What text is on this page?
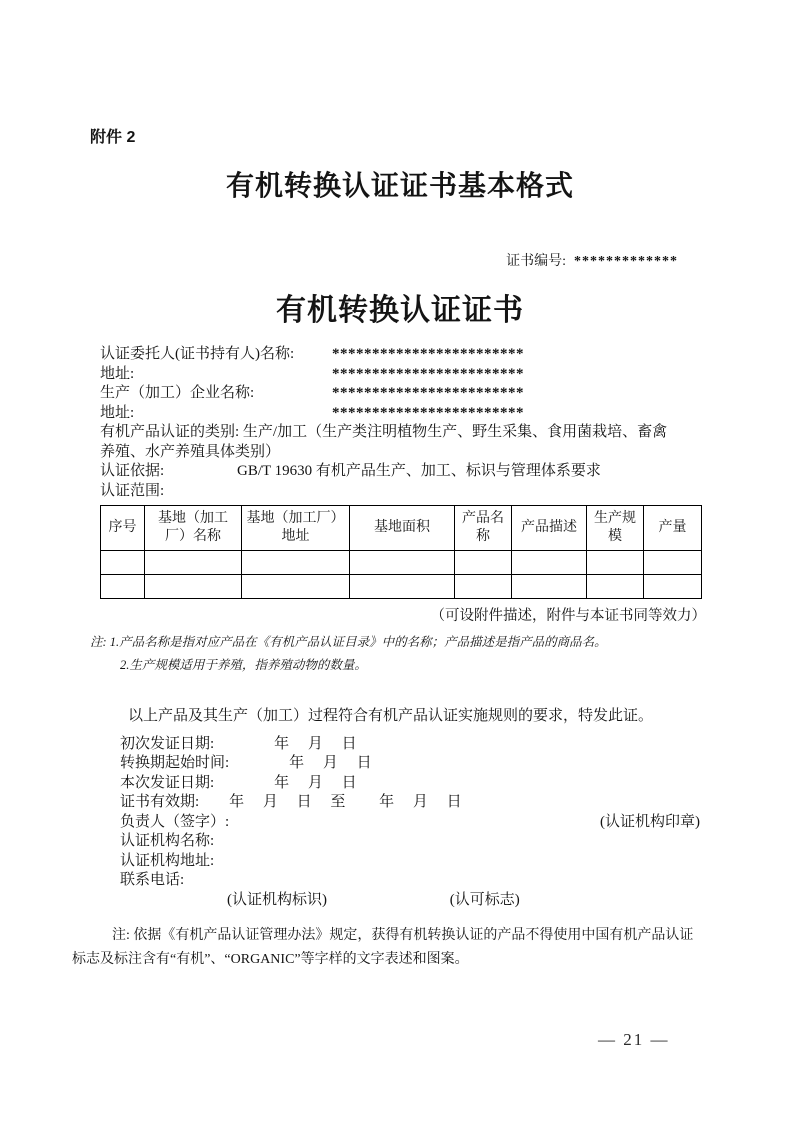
附件 2
有机转换认证证书基本格式
证书编号: *************
有机转换认证证书
认证委托人(证书持有人)名称:	************************
地址:	************************
生产（加工）企业名称:	************************
地址:	************************
有机产品认证的类别: 生产/加工（生产类注明植物生产、野生采集、食用菌栽培、畜禽
养殖、水产养殖具体类别）
认证依据:	GB/T 19630 有机产品生产、加工、标识与管理体系要求
认证范围:
序号	基地（加工厂）名称	基地（加工厂）地址	基地面积	产品名称	产品描述	生产规模	产量

（可设附件描述，附件与本证书同等效力）
注: 1.产品名称是指对应产品在《有机产品认证目录》中的名称；产品描述是指产品的商品名。
2.生产规模适用于养殖，指养殖动物的数量。
以上产品及其生产（加工）过程符合有机产品认证实施规则的要求，特发此证。
初次发证日期:　　　　年　 月　 日
转换期起始时间:　　　　年　 月　 日
本次发证日期:　　　　年　 月　 日
证书有效期:　　年　 月　 日　 至　　 年　 月　 日
负责人（签字）:	(认证机构印章)
认证机构名称:
认证机构地址:
联系电话:
(认证机构标识)	(认可标志)
注: 依据《有机产品认证管理办法》规定，获得有机转换认证的产品不得使用中国有机产品认证
标志及标注含有“有机”、“ORGANIC”等字样的文字表述和图案。
— 21 —
